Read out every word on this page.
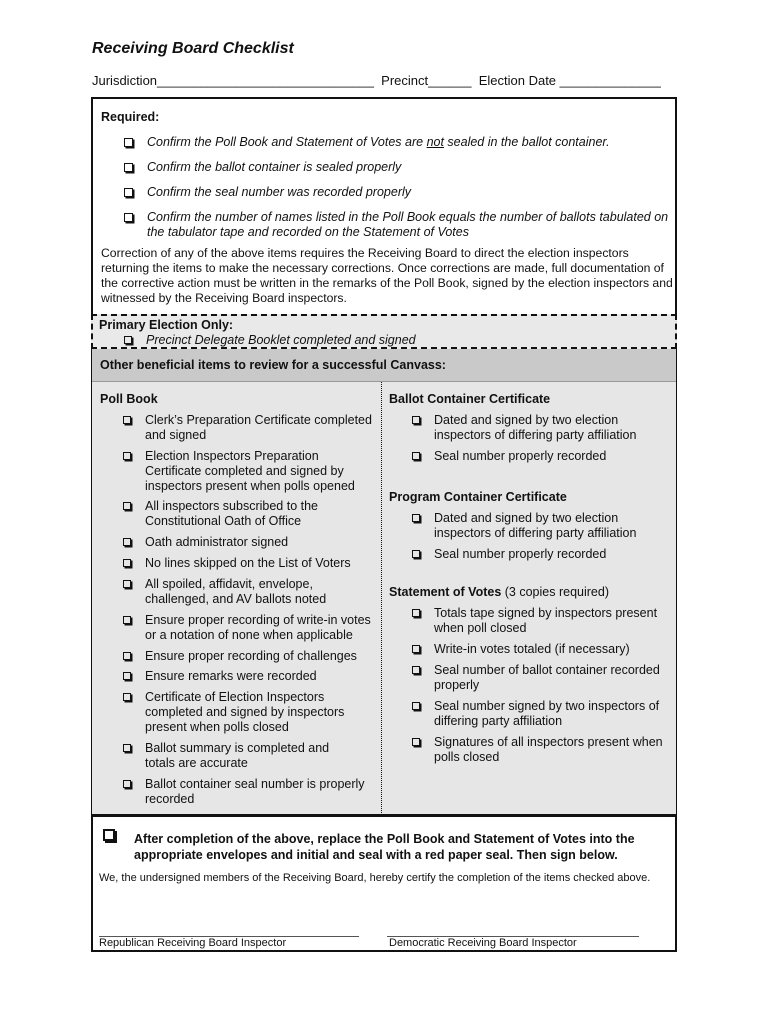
Receiving Board Checklist
Jurisdiction______________________________  Precinct______  Election Date ______________
Required:
Confirm the Poll Book and Statement of Votes are not sealed in the ballot container.
Confirm the ballot container is sealed properly
Confirm the seal number was recorded properly
Confirm the number of names listed in the Poll Book equals the number of ballots tabulated on the tabulator tape and recorded on the Statement of Votes
Correction of any of the above items requires the Receiving Board to direct the election inspectors returning the items to make the necessary corrections. Once corrections are made, full documentation of the corrective action must be written in the remarks of the Poll Book, signed by the election inspectors and witnessed by the Receiving Board inspectors.
Primary Election Only:
Precinct Delegate Booklet completed and signed
Other beneficial items to review for a successful Canvass:
Poll Book
Clerk’s Preparation Certificate completed and signed
Election Inspectors Preparation Certificate completed and signed by inspectors present when polls opened
All inspectors subscribed to the Constitutional Oath of Office
Oath administrator signed
No lines skipped on the List of Voters
All spoiled, affidavit, envelope, challenged, and AV ballots noted
Ensure proper recording of write-in votes or a notation of none when applicable
Ensure proper recording of challenges
Ensure remarks were recorded
Certificate of Election Inspectors completed and signed by inspectors present when polls closed
Ballot summary is completed and totals are accurate
Ballot container seal number is properly recorded
Ballot Container Certificate
Dated and signed by two election inspectors of differing party affiliation
Seal number properly recorded
Program Container Certificate
Dated and signed by two election inspectors of differing party affiliation
Seal number properly recorded
Statement of Votes (3 copies required)
Totals tape signed by inspectors present when poll closed
Write-in votes totaled (if necessary)
Seal number of ballot container recorded properly
Seal number signed by two inspectors of differing party affiliation
Signatures of all inspectors present when polls closed
After completion of the above, replace the Poll Book and Statement of Votes into the appropriate envelopes and initial and seal with a red paper seal. Then sign below.
We, the undersigned members of the Receiving Board, hereby certify the completion of the items checked above.
Republican Receiving Board Inspector	Democratic Receiving Board Inspector
